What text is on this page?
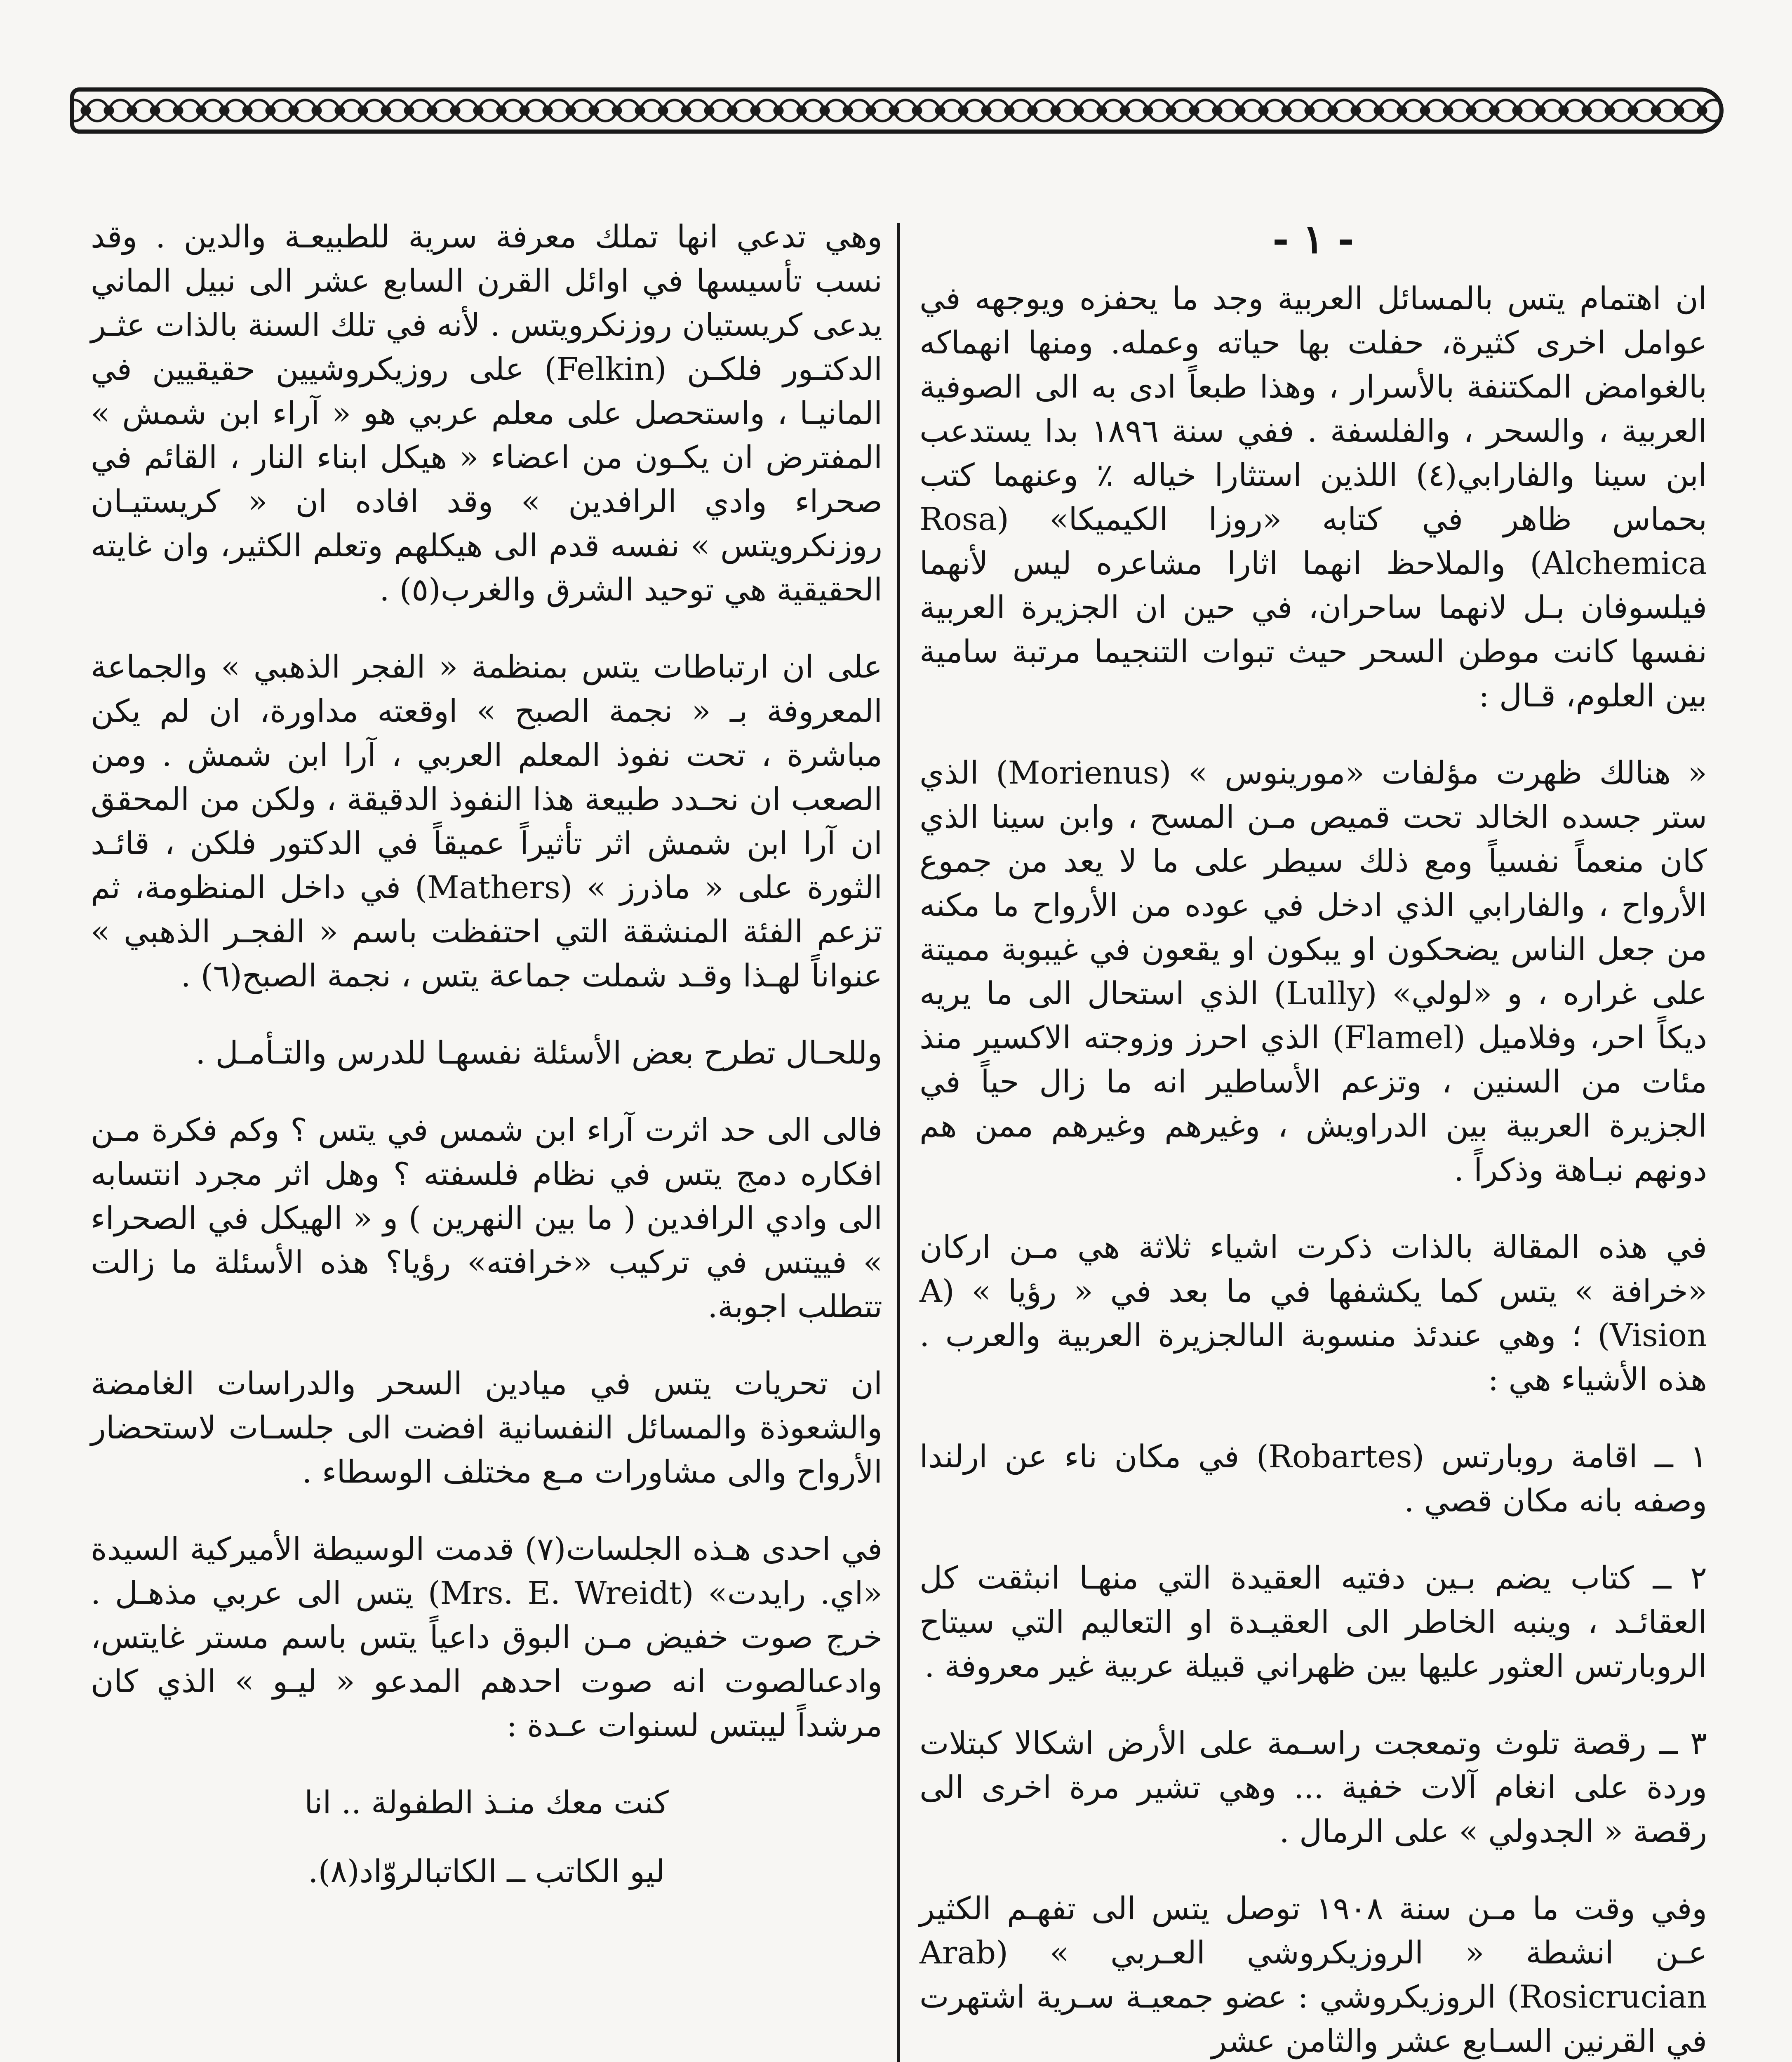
- ١ -

ان اهتمام يتس بالمسائل العربية وجد ما يحفزه ويوجهه في عوامل اخرى كثيرة، حفلت بها حياته وعمله. ومنها انهماكه بالغوامض المكتنفة بالأسرار ، وهذا طبعاً ادى به الى الصوفية العربية ، والسحر ، والفلسفة . ففي سنة ١٨٩٦ بدا يستدعب ابن سينا والفارابي(٤) اللذين استثارا خياله ٪ وعنهما كتب بحماس ظاهر في كتابه «روزا الكيميكا» (Rosa Alchemica) والملاحظ انهما اثارا مشاعره ليس لأنهما فيلسوفان بـل لانهما ساحران، في حين ان الجزيرة العربية نفسها كانت موطن السحر حيث تبوات التنجيما مرتبة سامية بين العلوم، قـال :

« هنالك ظهرت مؤلفات «مورينوس » (Morienus) الذي ستر جسده الخالد تحت قميص مـن المسح ، وابن سينا الذي كان منعماً نفسياً ومع ذلك سيطر على ما لا يعد من جموع الأرواح ، والفارابي الذي ادخل في عوده من الأرواح ما مكنه من جعل الناس يضحكون او يبكون او يقعون في غيبوبة مميتة على غراره ، و «لولي» (Lully) الذي استحال الى ما يريه ديكاً احر، وفلاميل (Flamel) الذي احرز وزوجته الاكسير منذ مئات من السنين ، وتزعم الأساطير انه ما زال حياً في الجزيرة العربية بين الدراويش ، وغيرهم وغيرهم ممن هم دونهم نبـاهة وذكراً .

في هذه المقالة بالذات ذكرت اشياء ثلاثة هي مـن اركان «خرافة » يتس كما يكشفها في ما بعد في « رؤيا » (A Vision) ؛ وهي عندئذ منسوبة الىالجزيرة العربية والعرب . هذه الأشياء هي :

١ ــ اقامة روبارتس (Robartes) في مكان ناء عن ارلندا وصفه بانه مكان قصي .

٢ ــ كتاب يضم بـين دفتيه العقيدة التي منهـا انبثقت كل العقائـد ، وينبه الخاطر الى العقيـدة او التعاليم التي سيتاح الروبارتس العثور عليها بين ظهراني قبيلة عربية غير معروفة .

٣ ــ رقصة تلوث وتمعجت راسـمة على الأرض اشكالا كبتلات وردة على انغام آلات خفية ... وهي تشير مرة اخرى الى رقصة « الجدولي » على الرمال .

وفي وقت ما مـن سنة ١٩٠٨ توصل يتس الى تفهـم الكثير عـن انشطة « الروزيكروشي العـربي » (Arab Rosicrucian) الروزيكروشي : عضو جمعيـة سـرية اشتهرت في القرنين السـابع عشر والثامن عشر

وهي تدعي انها تملك معرفة سرية للطبيعـة والدين . وقد نسب تأسيسها في اوائل القرن السابع عشر الى نبيل الماني يدعى كريستيان روزنكرويتس . لأنه في تلك السنة بالذات عثـر الدكتـور فلكـن (Felkin) على روزيكروشيين حقيقيين في المانيـا ، واستحصل على معلم عربي هو « آراء ابن شمش » المفترض ان يكـون من اعضاء « هيكل ابناء النار ، القائم في صحراء وادي الرافدين » وقد افاده ان « كريستيـان روزنكرويتس » نفسه قدم الى هيكلهم وتعلم الكثير، وان غايته الحقيقية هي توحيد الشرق والغرب(٥) .

على ان ارتباطات يتس بمنظمة « الفجر الذهبي » والجماعة المعروفة بـ « نجمة الصبح » اوقعته مداورة، ان لم يكن مباشرة ، تحت نفوذ المعلم العربي ، آرا ابن شمش . ومن الصعب ان نحـدد طبيعة هذا النفوذ الدقيقة ، ولكن من المحقق ان آرا ابن شمش اثر تأثيراً عميقاً في الدكتور فلكن ، قائـد الثورة على « ماذرز » (Mathers) في داخل المنظومة، ثم تزعم الفئة المنشقة التي احتفظت باسم « الفجـر الذهبي » عنواناً لهـذا وقـد شملت جماعة يتس ، نجمة الصبح(٦) .

وللحـال تطرح بعض الأسئلة نفسهـا للدرس والتـأمـل .

فالى الى حد اثرت آراء ابن شمس في يتس ؟ وكم فكرة مـن افكاره دمج يتس في نظام فلسفته ؟ وهل اثر مجرد انتسابه الى وادي الرافدين ( ما بين النهرين ) و « الهيكل في الصحراء » فييتس في تركيب «خرافته» رؤيا؟ هذه الأسئلة ما زالت تتطلب اجوبة.

ان تحريات يتس في ميادين السحر والدراسات الغامضة والشعوذة والمسائل النفسانية افضت الى جلسـات لاستحضار الأرواح والى مشاورات مـع مختلف الوسطاء .

في احدى هـذه الجلسات(٧) قدمت الوسيطة الأميركية السيدة «اي. رايدت» (Mrs. E. Wreidt) يتس الى عربي مذهـل . خرج صوت خفيض مـن البوق داعياً يتس باسم مستر غايتس، وادعىالصوت انه صوت احدهم المدعو « ليـو » الذي كان مرشداً ليبتس لسنوات عـدة :

كنت معك منـذ الطفولة .. انا
ليو الكاتب ــ الكاتبالروّاد(٨).
